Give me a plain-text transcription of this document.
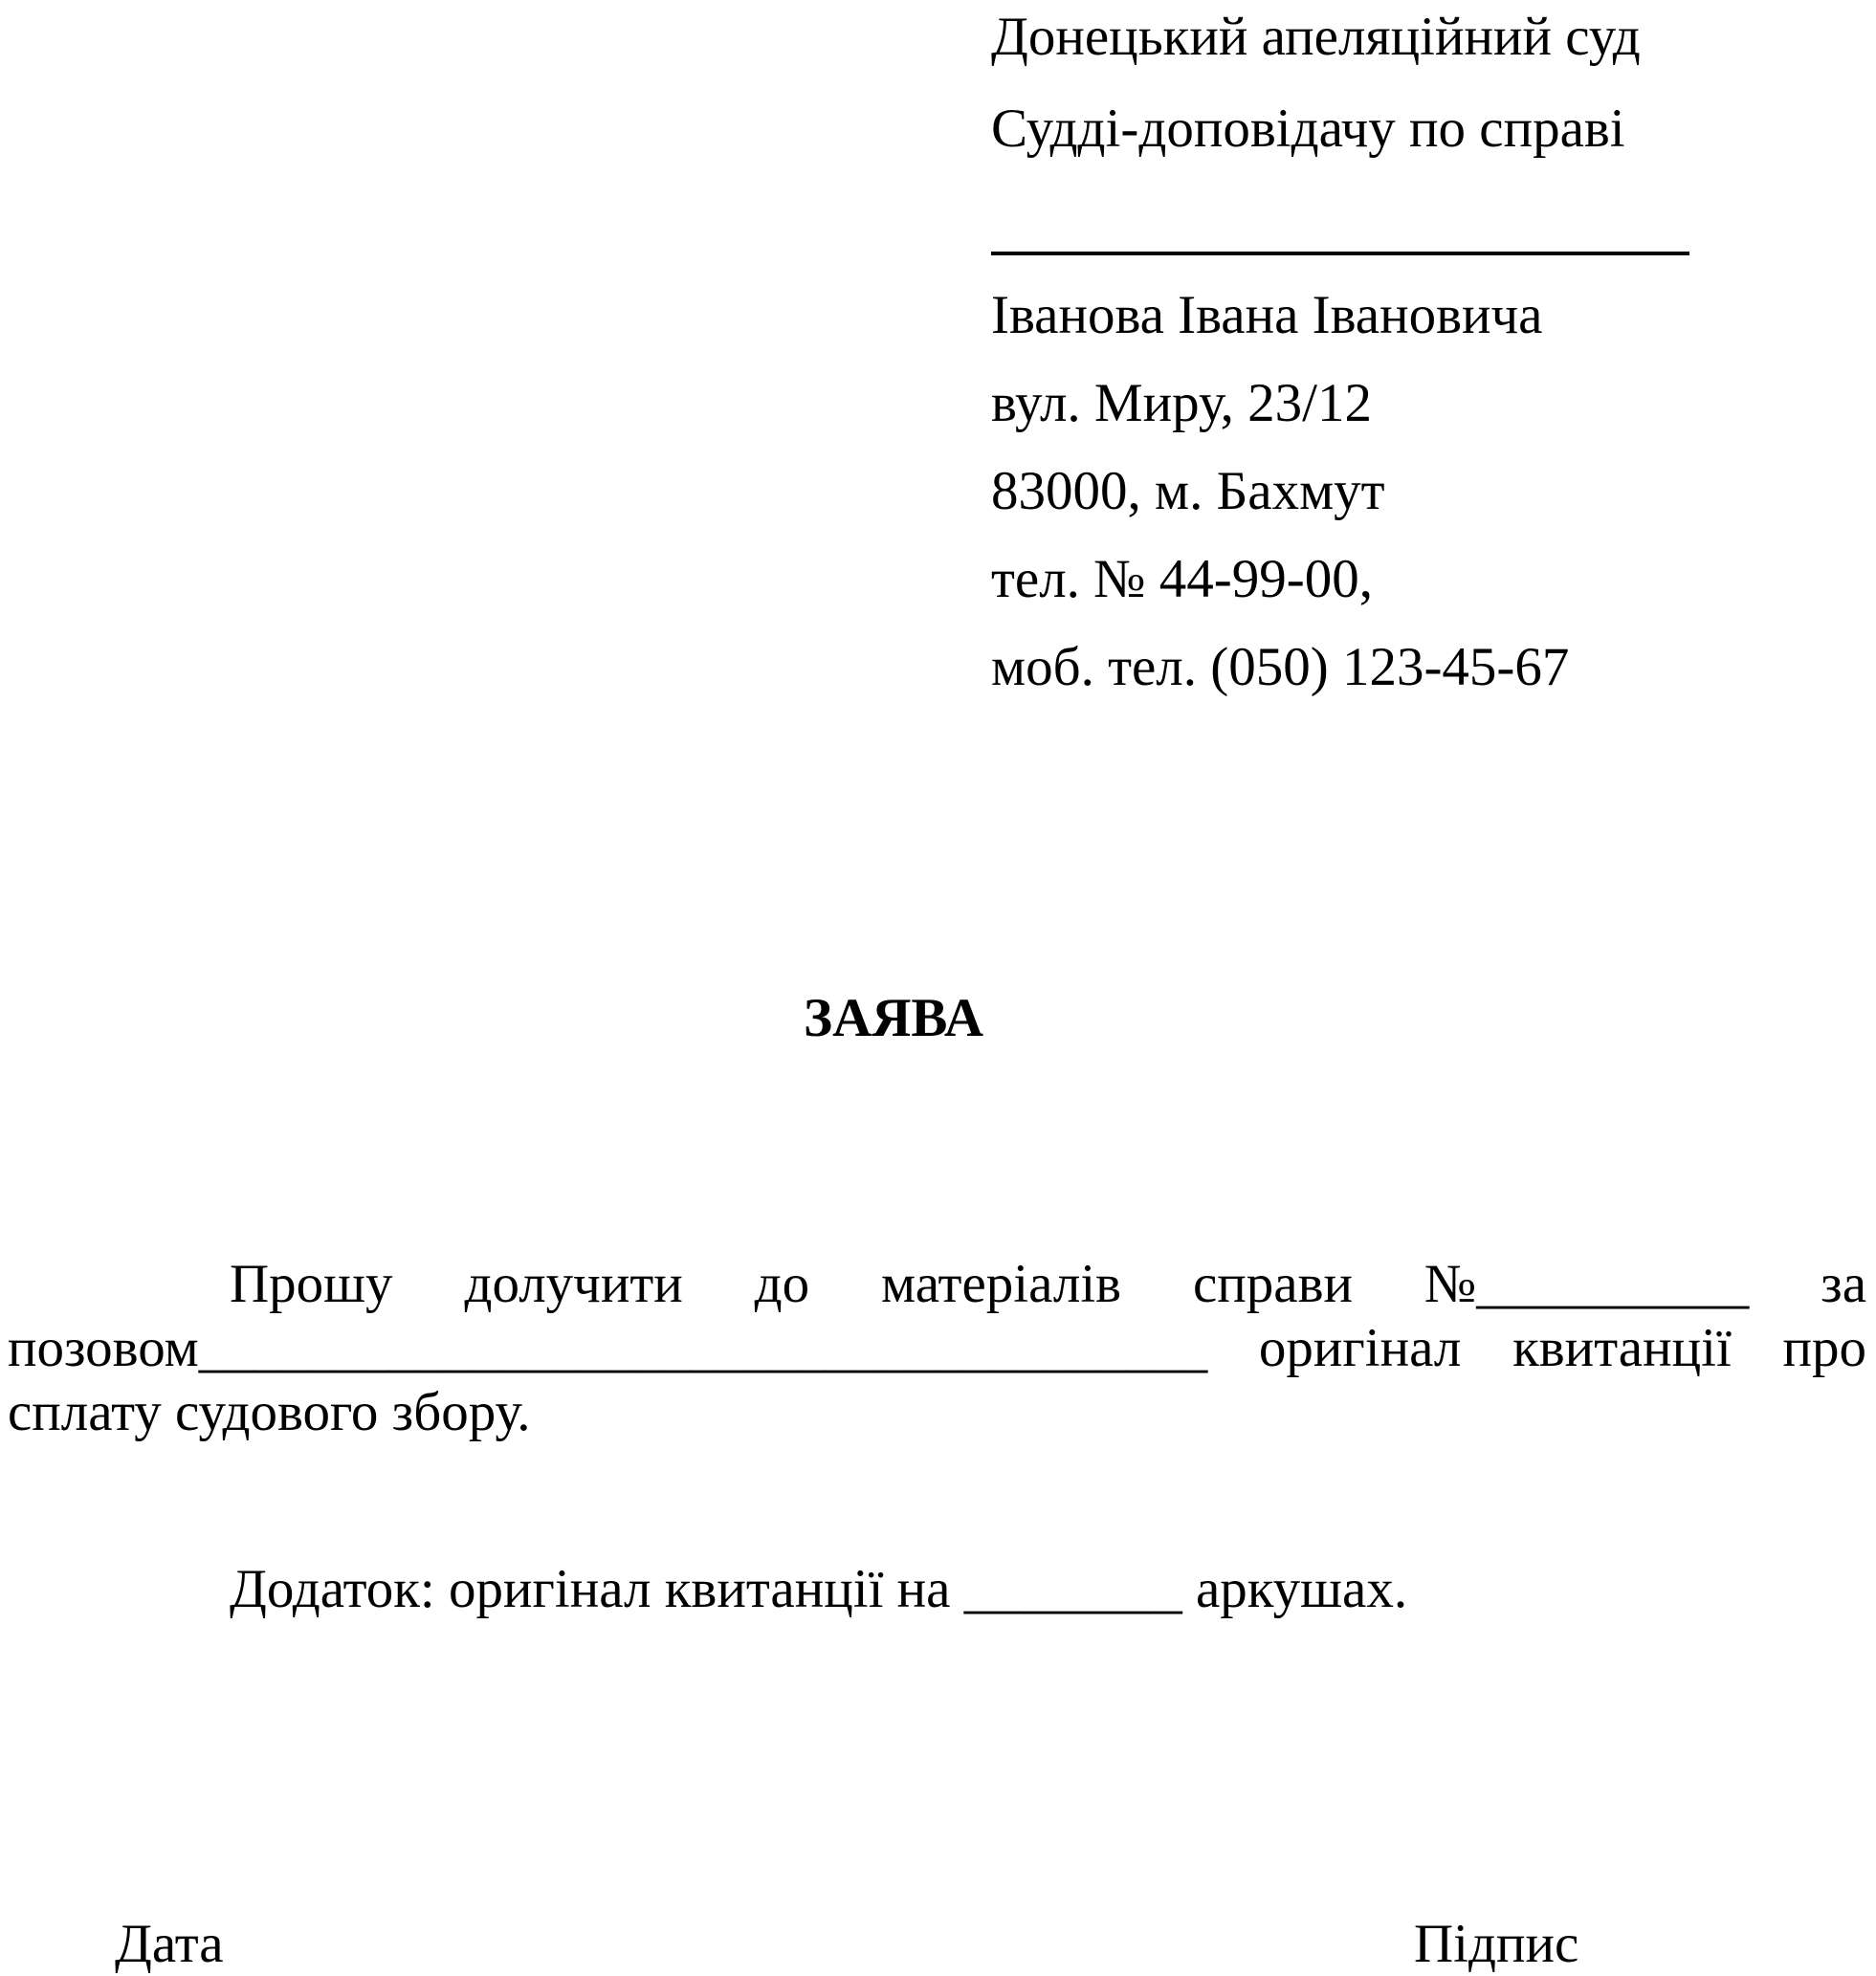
Донецький апеляційний суд
Судді-доповідачу по справі
Іванова Івана Івановича
вул. Миру, 23/12
83000, м. Бахмут
тел. № 44-99-00,
моб. тел. (050) 123-45-67
ЗАЯВА
Прошу долучити до матеріалів справи №__________ за
позовом_____________________________________ оригінал квитанції про
сплату судового збору.
Додаток: оригінал квитанції на ________ аркушах.
Дата	Підпис
